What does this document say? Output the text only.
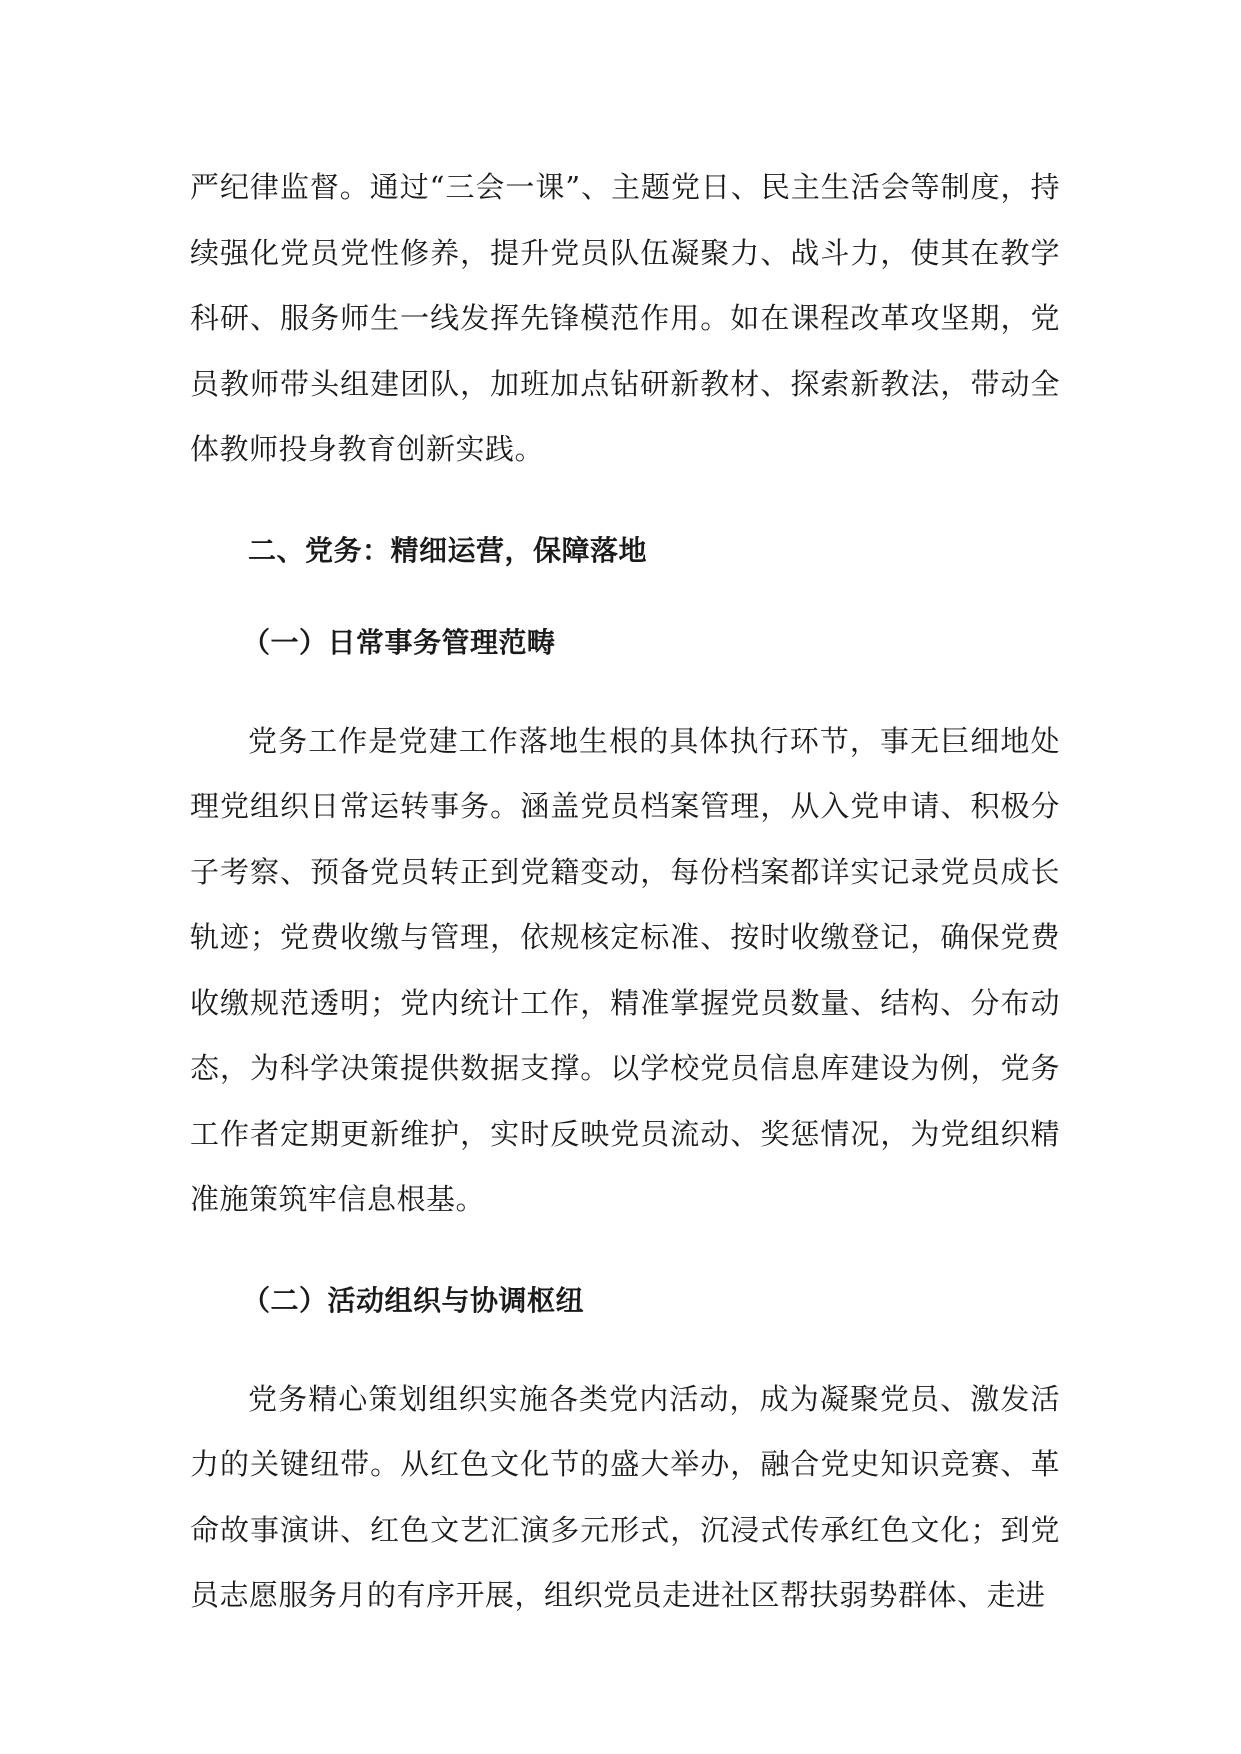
严纪律监督。通过“三会一课”、主题党日、民主生活会等制度，持续强化党员党性修养，提升党员队伍凝聚力、战斗力，使其在教学科研、服务师生一线发挥先锋模范作用。如在课程改革攻坚期，党员教师带头组建团队，加班加点钻研新教材、探索新教法，带动全体教师投身教育创新实践。

二、党务：精细运营，保障落地

（一）日常事务管理范畴

党务工作是党建工作落地生根的具体执行环节，事无巨细地处理党组织日常运转事务。涵盖党员档案管理，从入党申请、积极分子考察、预备党员转正到党籍变动，每份档案都详实记录党员成长轨迹；党费收缴与管理，依规核定标准、按时收缴登记，确保党费收缴规范透明；党内统计工作，精准掌握党员数量、结构、分布动态，为科学决策提供数据支撑。以学校党员信息库建设为例，党务工作者定期更新维护，实时反映党员流动、奖惩情况，为党组织精准施策筑牢信息根基。

（二）活动组织与协调枢纽

党务精心策划组织实施各类党内活动，成为凝聚党员、激发活力的关键纽带。从红色文化节的盛大举办，融合党史知识竞赛、革命故事演讲、红色文艺汇演多元形式，沉浸式传承红色文化；到党员志愿服务月的有序开展，组织党员走进社区帮扶弱势群体、走进
